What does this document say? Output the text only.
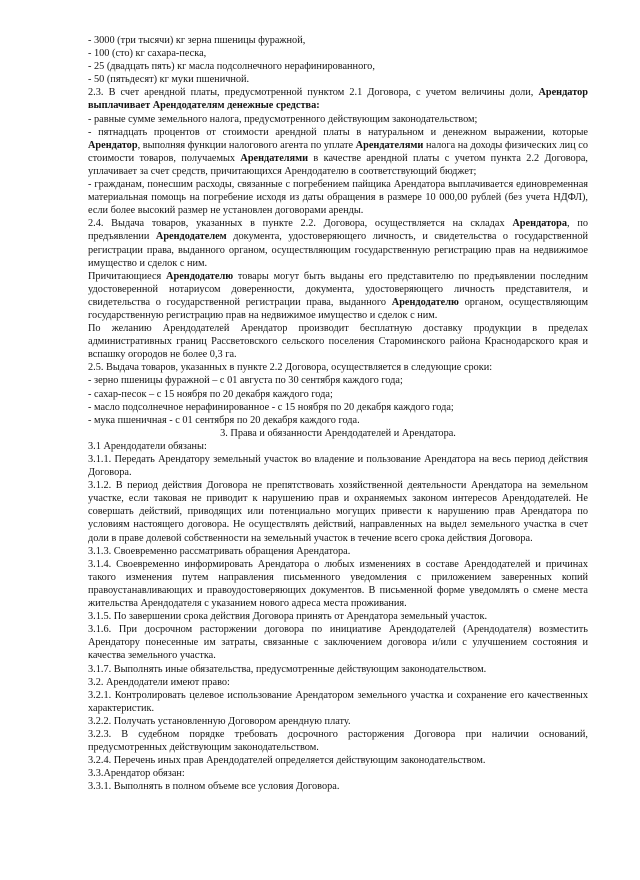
- 3000 (три тысячи) кг зерна пшеницы фуражной,

- 100 (сто) кг сахара-песка,

- 25 (двадцать пять) кг масла подсолнечного нерафинированного,

- 50 (пятьдесят) кг муки пшеничной.

2.3. В счет арендной платы, предусмотренной пунктом 2.1 Договора, с учетом величины доли, Арендатор выплачивает Арендодателям денежные средства:

- равные сумме земельного налога, предусмотренного действующим законодательством;

- пятнадцать процентов от стоимости арендной платы в натуральном и денежном выражении, которые Арендатор, выполняя функции налогового агента по уплате Арендателями налога на доходы физических лиц со стоимости товаров, получаемых Арендателями в качестве арендной платы с учетом пункта 2.2 Договора, уплачивает за счет средств, причитающихся Арендодателю в соответствующий бюджет;

- гражданам, понесшим расходы, связанные с погребением пайщика Арендатора выплачивается единовременная материальная помощь на погребение исходя из даты обращения в размере 10 000,00 рублей (без учета НДФЛ), если более высокий размер не установлен договорами аренды.

2.4. Выдача товаров, указанных в пункте 2.2. Договора, осуществляется на складах Арендатора, по предъявлении Арендодателем документа, удостоверяющего личность, и свидетельства о государственной регистрации права, выданного органом, осуществляющим государственную регистрацию прав на недвижимое имущество и сделок с ним.

Причитающиеся Арендодателю товары могут быть выданы его представителю по предъявлении последним удостоверенной нотариусом доверенности, документа, удостоверяющего личность представителя, и свидетельства о государственной регистрации права, выданного Арендодателю органом, осуществляющим государственную регистрацию прав на недвижимое имущество и сделок с ним.

По желанию Арендодателей Арендатор производит бесплатную доставку продукции в пределах административных границ Рассветовского сельского поселения Староминского района Краснодарского края и вспашку огородов не более 0,3 га.

2.5. Выдача товаров, указанных в пункте 2.2 Договора, осуществляется в следующие сроки:

- зерно пшеницы фуражной – с 01 августа по 30 сентября каждого года;

- сахар-песок – с 15 ноября по 20 декабря каждого года;

- масло подсолнечное нерафинированное - с 15 ноября по 20 декабря каждого года;

- мука пшеничная - с 01 сентября по 20 декабря каждого года.

3. Права и обязанности Арендодателей и Арендатора.

3.1 Арендодатели обязаны:

3.1.1. Передать Арендатору земельный участок во владение и пользование Арендатора на весь период действия Договора.

3.1.2. В период действия Договора не препятствовать хозяйственной деятельности Арендатора на земельном участке, если таковая не приводит к нарушению прав и охраняемых законом интересов Арендодателей. Не совершать действий, приводящих или потенциально могущих привести к нарушению прав Арендатора по условиям настоящего договора. Не осуществлять действий, направленных на выдел земельного участка в счет доли в праве долевой собственности на земельный участок в течение всего срока действия Договора.

3.1.3. Своевременно рассматривать обращения Арендатора.

3.1.4. Своевременно информировать Арендатора о любых изменениях в составе Арендодателей и причинах такого изменения путем направления письменного уведомления с приложением заверенных копий правоустанавливающих и правоудостоверяющих документов. В письменной форме уведомлять о смене места жительства Арендодателя с указанием нового адреса места проживания.

3.1.5. По завершении срока действия Договора принять от Арендатора земельный участок.

3.1.6. При досрочном расторжении договора по инициативе Арендодателей (Арендодателя) возместить Арендатору понесенные им затраты, связанные с заключением договора и/или с улучшением состояния и качества земельного участка.

3.1.7. Выполнять иные обязательства, предусмотренные действующим законодательством.

3.2. Арендодатели имеют право:

3.2.1. Контролировать целевое использование Арендатором земельного участка и сохранение его качественных характеристик.

3.2.2. Получать установленную Договором арендную плату.

3.2.3. В судебном порядке требовать досрочного расторжения Договора при наличии оснований, предусмотренных действующим законодательством.

3.2.4. Перечень иных прав Арендодателей определяется действующим законодательством.

3.3.Арендатор обязан:

3.3.1. Выполнять в полном объеме все условия Договора.
